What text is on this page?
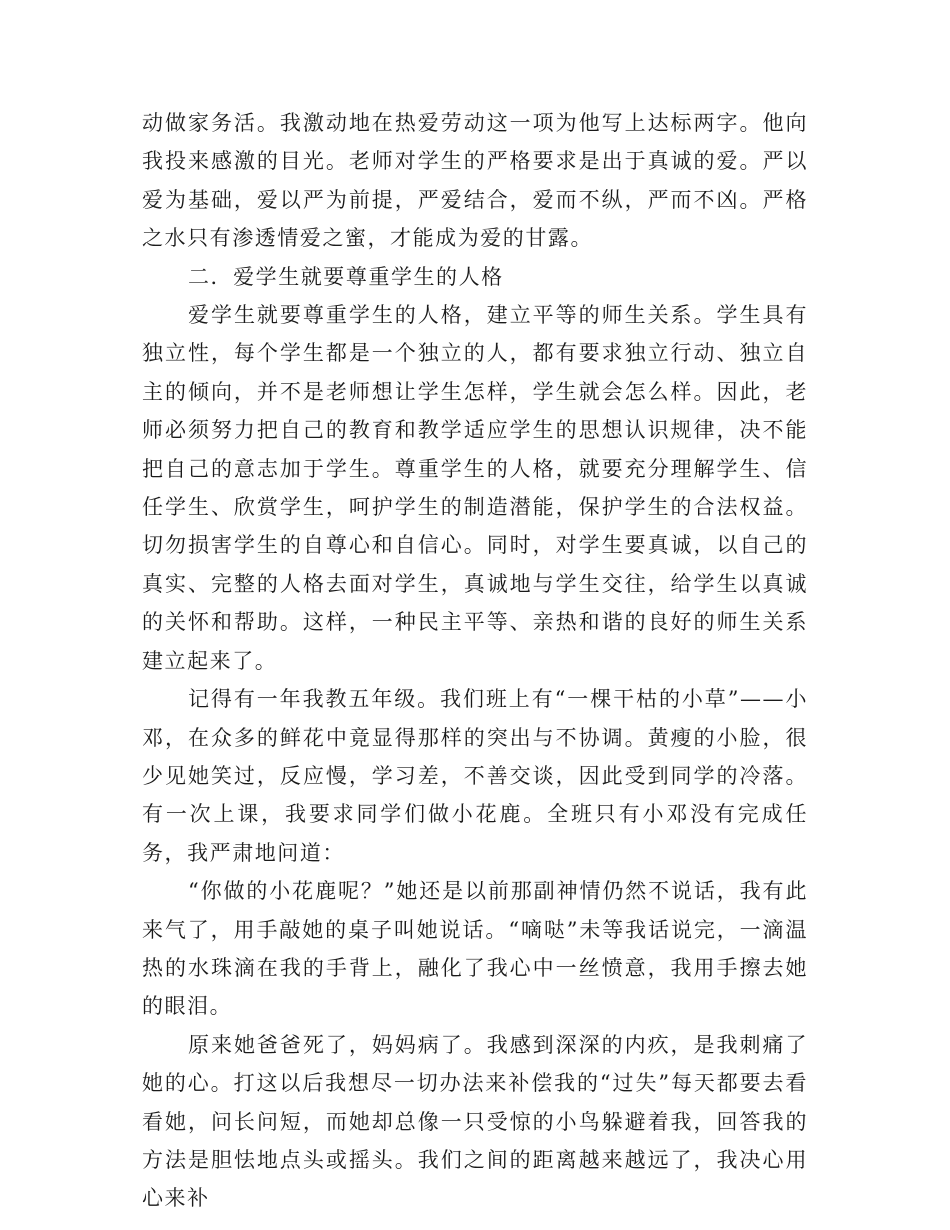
动做家务活。我激动地在热爱劳动这一项为他写上达标两字。他向我投来感激的目光。老师对学生的严格要求是出于真诚的爱。严以爱为基础，爱以严为前提，严爱结合，爱而不纵，严而不凶。严格之水只有渗透情爱之蜜，才能成为爱的甘露。

二．爱学生就要尊重学生的人格

爱学生就要尊重学生的人格，建立平等的师生关系。学生具有独立性，每个学生都是一个独立的人，都有要求独立行动、独立自主的倾向，并不是老师想让学生怎样，学生就会怎么样。因此，老师必须努力把自己的教育和教学适应学生的思想认识规律，决不能把自己的意志加于学生。尊重学生的人格，就要充分理解学生、信任学生、欣赏学生，呵护学生的制造潜能，保护学生的合法权益。切勿损害学生的自尊心和自信心。同时，对学生要真诚，以自己的真实、完整的人格去面对学生，真诚地与学生交往，给学生以真诚的关怀和帮助。这样，一种民主平等、亲热和谐的良好的师生关系建立起来了。

记得有一年我教五年级。我们班上有“一棵干枯的小草”——小邓，在众多的鲜花中竟显得那样的突出与不协调。黄瘦的小脸，很少见她笑过，反应慢，学习差，不善交谈，因此受到同学的冷落。有一次上课，我要求同学们做小花鹿。全班只有小邓没有完成任务，我严肃地问道：

“你做的小花鹿呢？”她还是以前那副神情仍然不说话，我有此来气了，用手敲她的桌子叫她说话。“嘀哒”未等我话说完，一滴温热的水珠滴在我的手背上，融化了我心中一丝愤意，我用手擦去她的眼泪。

原来她爸爸死了，妈妈病了。我感到深深的内疚，是我刺痛了她的心。打这以后我想尽一切办法来补偿我的“过失”每天都要去看看她，问长问短，而她却总像一只受惊的小鸟躲避着我，回答我的方法是胆怯地点头或摇头。我们之间的距离越来越远了，我决心用心来补
